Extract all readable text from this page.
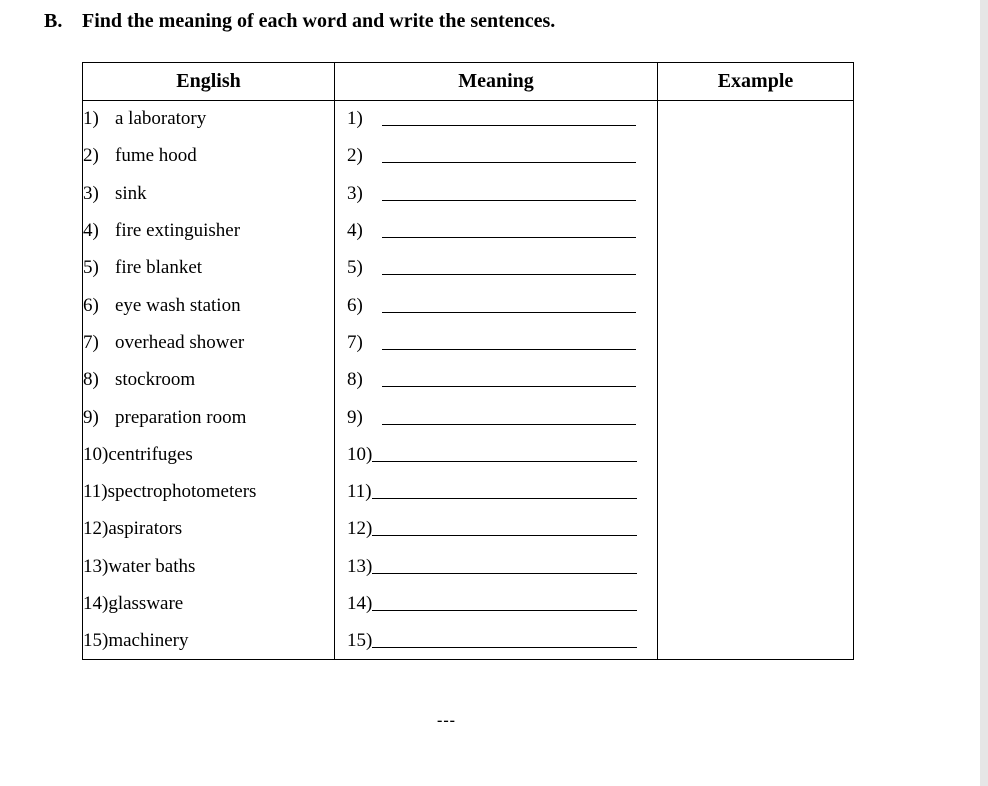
B. Find the meaning of each word and write the sentences.
English	Meaning	Example
1) a laboratory	1)	

2) fume hood	2)	

3) sink	3)	

4) fire extinguisher	4)	

5) fire blanket	5)	

6) eye wash station	6)	

7) overhead shower	7)	

8) stockroom	8)	

9) preparation room	9)	

10)centrifuges	10)	

11)spectrophotometers	11)	

12)aspirators	12)	

13)water baths	13)	

14)glassware	14)	

15)machinery	15)	

---
